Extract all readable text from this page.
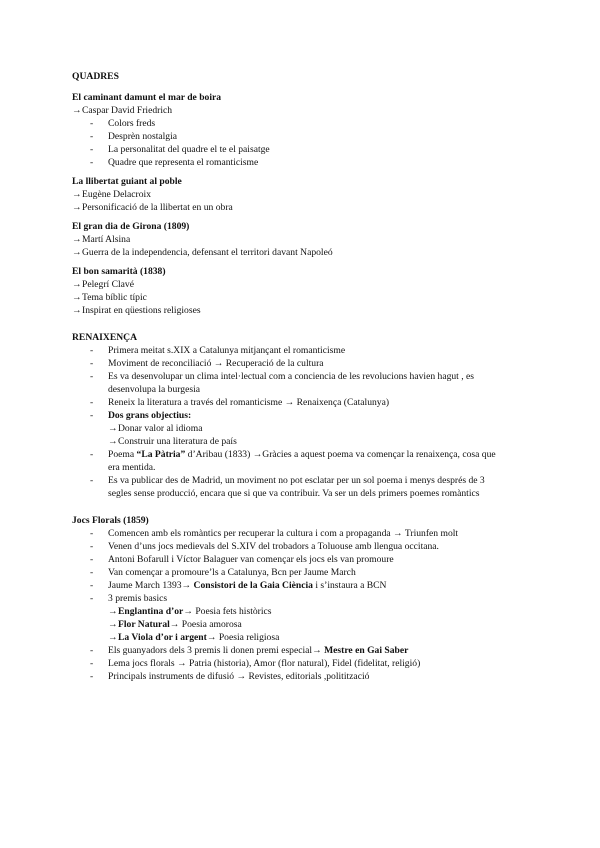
QUADRES
El caminant damunt el mar de boira
→Caspar David Friedrich
- Colors freds
- Desprèn nostalgia
- La personalitat del quadre el te el paisatge
- Quadre que representa el romanticisme
La llibertat guiant al poble
→Eugène Delacroix
→Personificació de la llibertat en un obra
El gran dia de Girona (1809)
→Martí Alsina
→Guerra de la independencia, defensant el territori davant Napoleó
El bon samarità (1838)
→Pelegrí Clavé
→Tema bíblic típic
→Inspirat en qüestions religioses
RENAIXENÇA
- Primera meitat s.XIX a Catalunya mitjançant el romanticisme
- Moviment de reconciliació → Recuperació de la cultura
- Es va desenvolupar un clima intel·lectual com a conciencia de les revolucions havien hagut , es
desenvolupa la burgesia
- Reneix la literatura a través del romanticisme → Renaixença (Catalunya)
- Dos grans objectius:
→Donar valor al idioma
→Construir una literatura de país
- Poema “La Pàtria” d’Aribau (1833) →Gràcies a aquest poema va començar la renaixença, cosa que
era mentida.
- Es va publicar des de Madrid, un moviment no pot esclatar per un sol poema i menys després de 3
segles sense producció, encara que si que va contribuir. Va ser un dels primers poemes romàntics
Jocs Florals (1859)
- Comencen amb els romàntics per recuperar la cultura i com a propaganda → Triunfen molt
- Venen d’uns jocs medievals del S.XIV del trobadors a Toluouse amb llengua occitana.
- Antoni Bofarull i Víctor Balaguer van començar els jocs els van promoure
- Van començar a promoure’ls a Catalunya, Bcn per Jaume March
- Jaume March 1393→ Consistori de la Gaia Ciència i s’instaura a BCN
- 3 premis basics
→Englantina d’or→ Poesia fets històrics
→Flor Natural→ Poesia amorosa
→La Viola d’or i argent→ Poesia religiosa
- Els guanyadors dels 3 premis li donen premi especial→ Mestre en Gai Saber
- Lema jocs florals → Patria (historia), Amor (flor natural), Fidel (fidelitat, religió)
- Principals instruments de difusió → Revistes, editorials ,politització
